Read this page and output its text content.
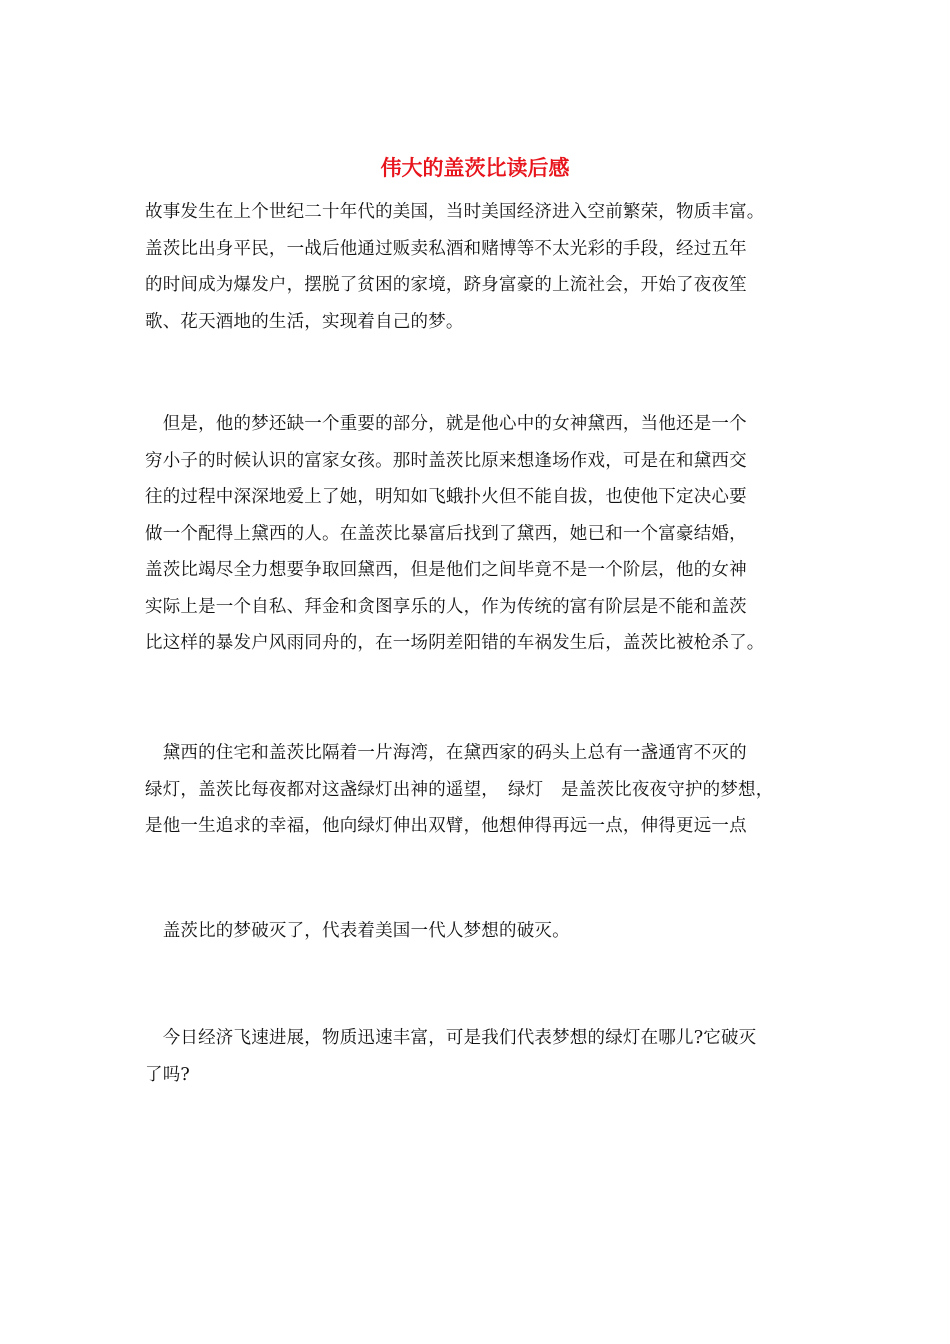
伟大的盖茨比读后感
故事发生在上个世纪二十年代的美国，当时美国经济进入空前繁荣，物质丰富。
盖茨比出身平民，一战后他通过贩卖私酒和赌博等不太光彩的手段，经过五年
的时间成为爆发户，摆脱了贫困的家境，跻身富豪的上流社会，开始了夜夜笙
歌、花天酒地的生活，实现着自己的梦。
　但是，他的梦还缺一个重要的部分，就是他心中的女神黛西，当他还是一个
穷小子的时候认识的富家女孩。那时盖茨比原来想逢场作戏，可是在和黛西交
往的过程中深深地爱上了她，明知如飞蛾扑火但不能自拔，也使他下定决心要
做一个配得上黛西的人。在盖茨比暴富后找到了黛西，她已和一个富豪结婚，
盖茨比竭尽全力想要争取回黛西，但是他们之间毕竟不是一个阶层，他的女神
实际上是一个自私、拜金和贪图享乐的人，作为传统的富有阶层是不能和盖茨
比这样的暴发户风雨同舟的，在一场阴差阳错的车祸发生后，盖茨比被枪杀了。
　黛西的住宅和盖茨比隔着一片海湾，在黛西家的码头上总有一盏通宵不灭的
绿灯，盖茨比每夜都对这盏绿灯出神的遥望，　绿灯　是盖茨比夜夜守护的梦想，
是他一生追求的幸福，他向绿灯伸出双臂，他想伸得再远一点，伸得更远一点
　盖茨比的梦破灭了，代表着美国一代人梦想的破灭。
　今日经济飞速进展，物质迅速丰富，可是我们代表梦想的绿灯在哪儿?它破灭
了吗?
